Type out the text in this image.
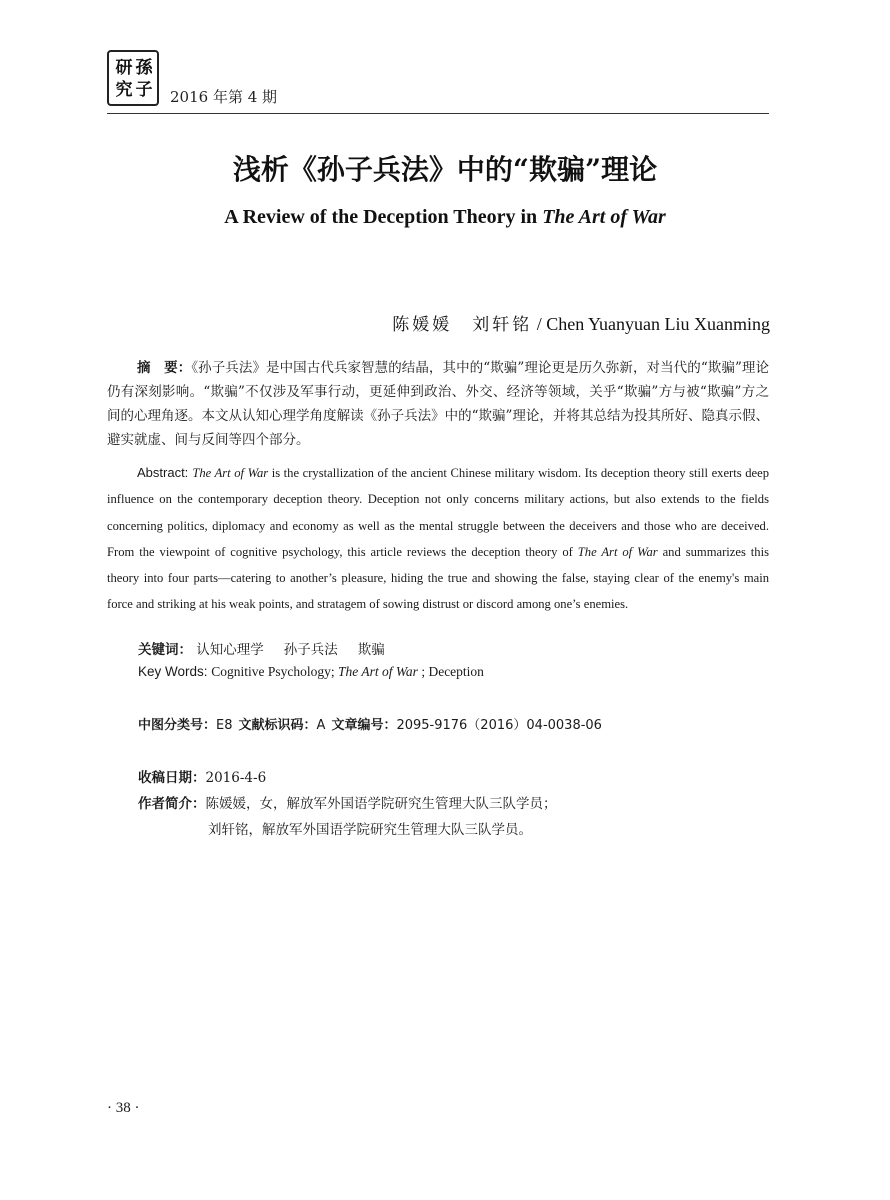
研 孫
究 子 2016 年第 4 期
浅析《孙子兵法》中的“欺骗”理论
A Review of the Deception Theory in The Art of War
陈媛媛　刘轩铭 / Chen Yuanyuan Liu Xuanming
摘　要：《孙子兵法》是中国古代兵家智慧的结晶，其中的“欺骗”理论更是历久弥新，对当代的“欺骗”理论仍有深刻影响。“欺骗”不仅涉及军事行动，更延伸到政治、外交、经济等领域，关乎“欺骗”方与被“欺骗”方之间的心理角逐。本文从认知心理学角度解读《孙子兵法》中的“欺骗”理论，并将其总结为投其所好、隐真示假、避实就虚、间与反间等四个部分。
Abstract: The Art of War is the crystallization of the ancient Chinese military wisdom. Its deception theory still exerts deep influence on the contemporary deception theory. Deception not only concerns military actions, but also extends to the fields concerning politics, diplomacy and economy as well as the mental struggle between the deceivers and those who are deceived. From the viewpoint of cognitive psychology, this article reviews the deception theory of The Art of War and summarizes this theory into four parts—catering to another’s pleasure, hiding the true and showing the false, staying clear of the enemy's main force and striking at his weak points, and stratagem of sowing distrust or discord among one’s enemies.
关键词： 认知心理学 孙子兵法 欺骗
Key Words: Cognitive Psychology; The Art of War ; Deception
中图分类号：E8 文献标识码：A 文章编号：2095-9176（2016）04-0038-06
收稿日期：2016-4-6
作者简介：陈媛媛，女，解放军外国语学院研究生管理大队三队学员；
刘轩铭，解放军外国语学院研究生管理大队三队学员。
· 38 ·
